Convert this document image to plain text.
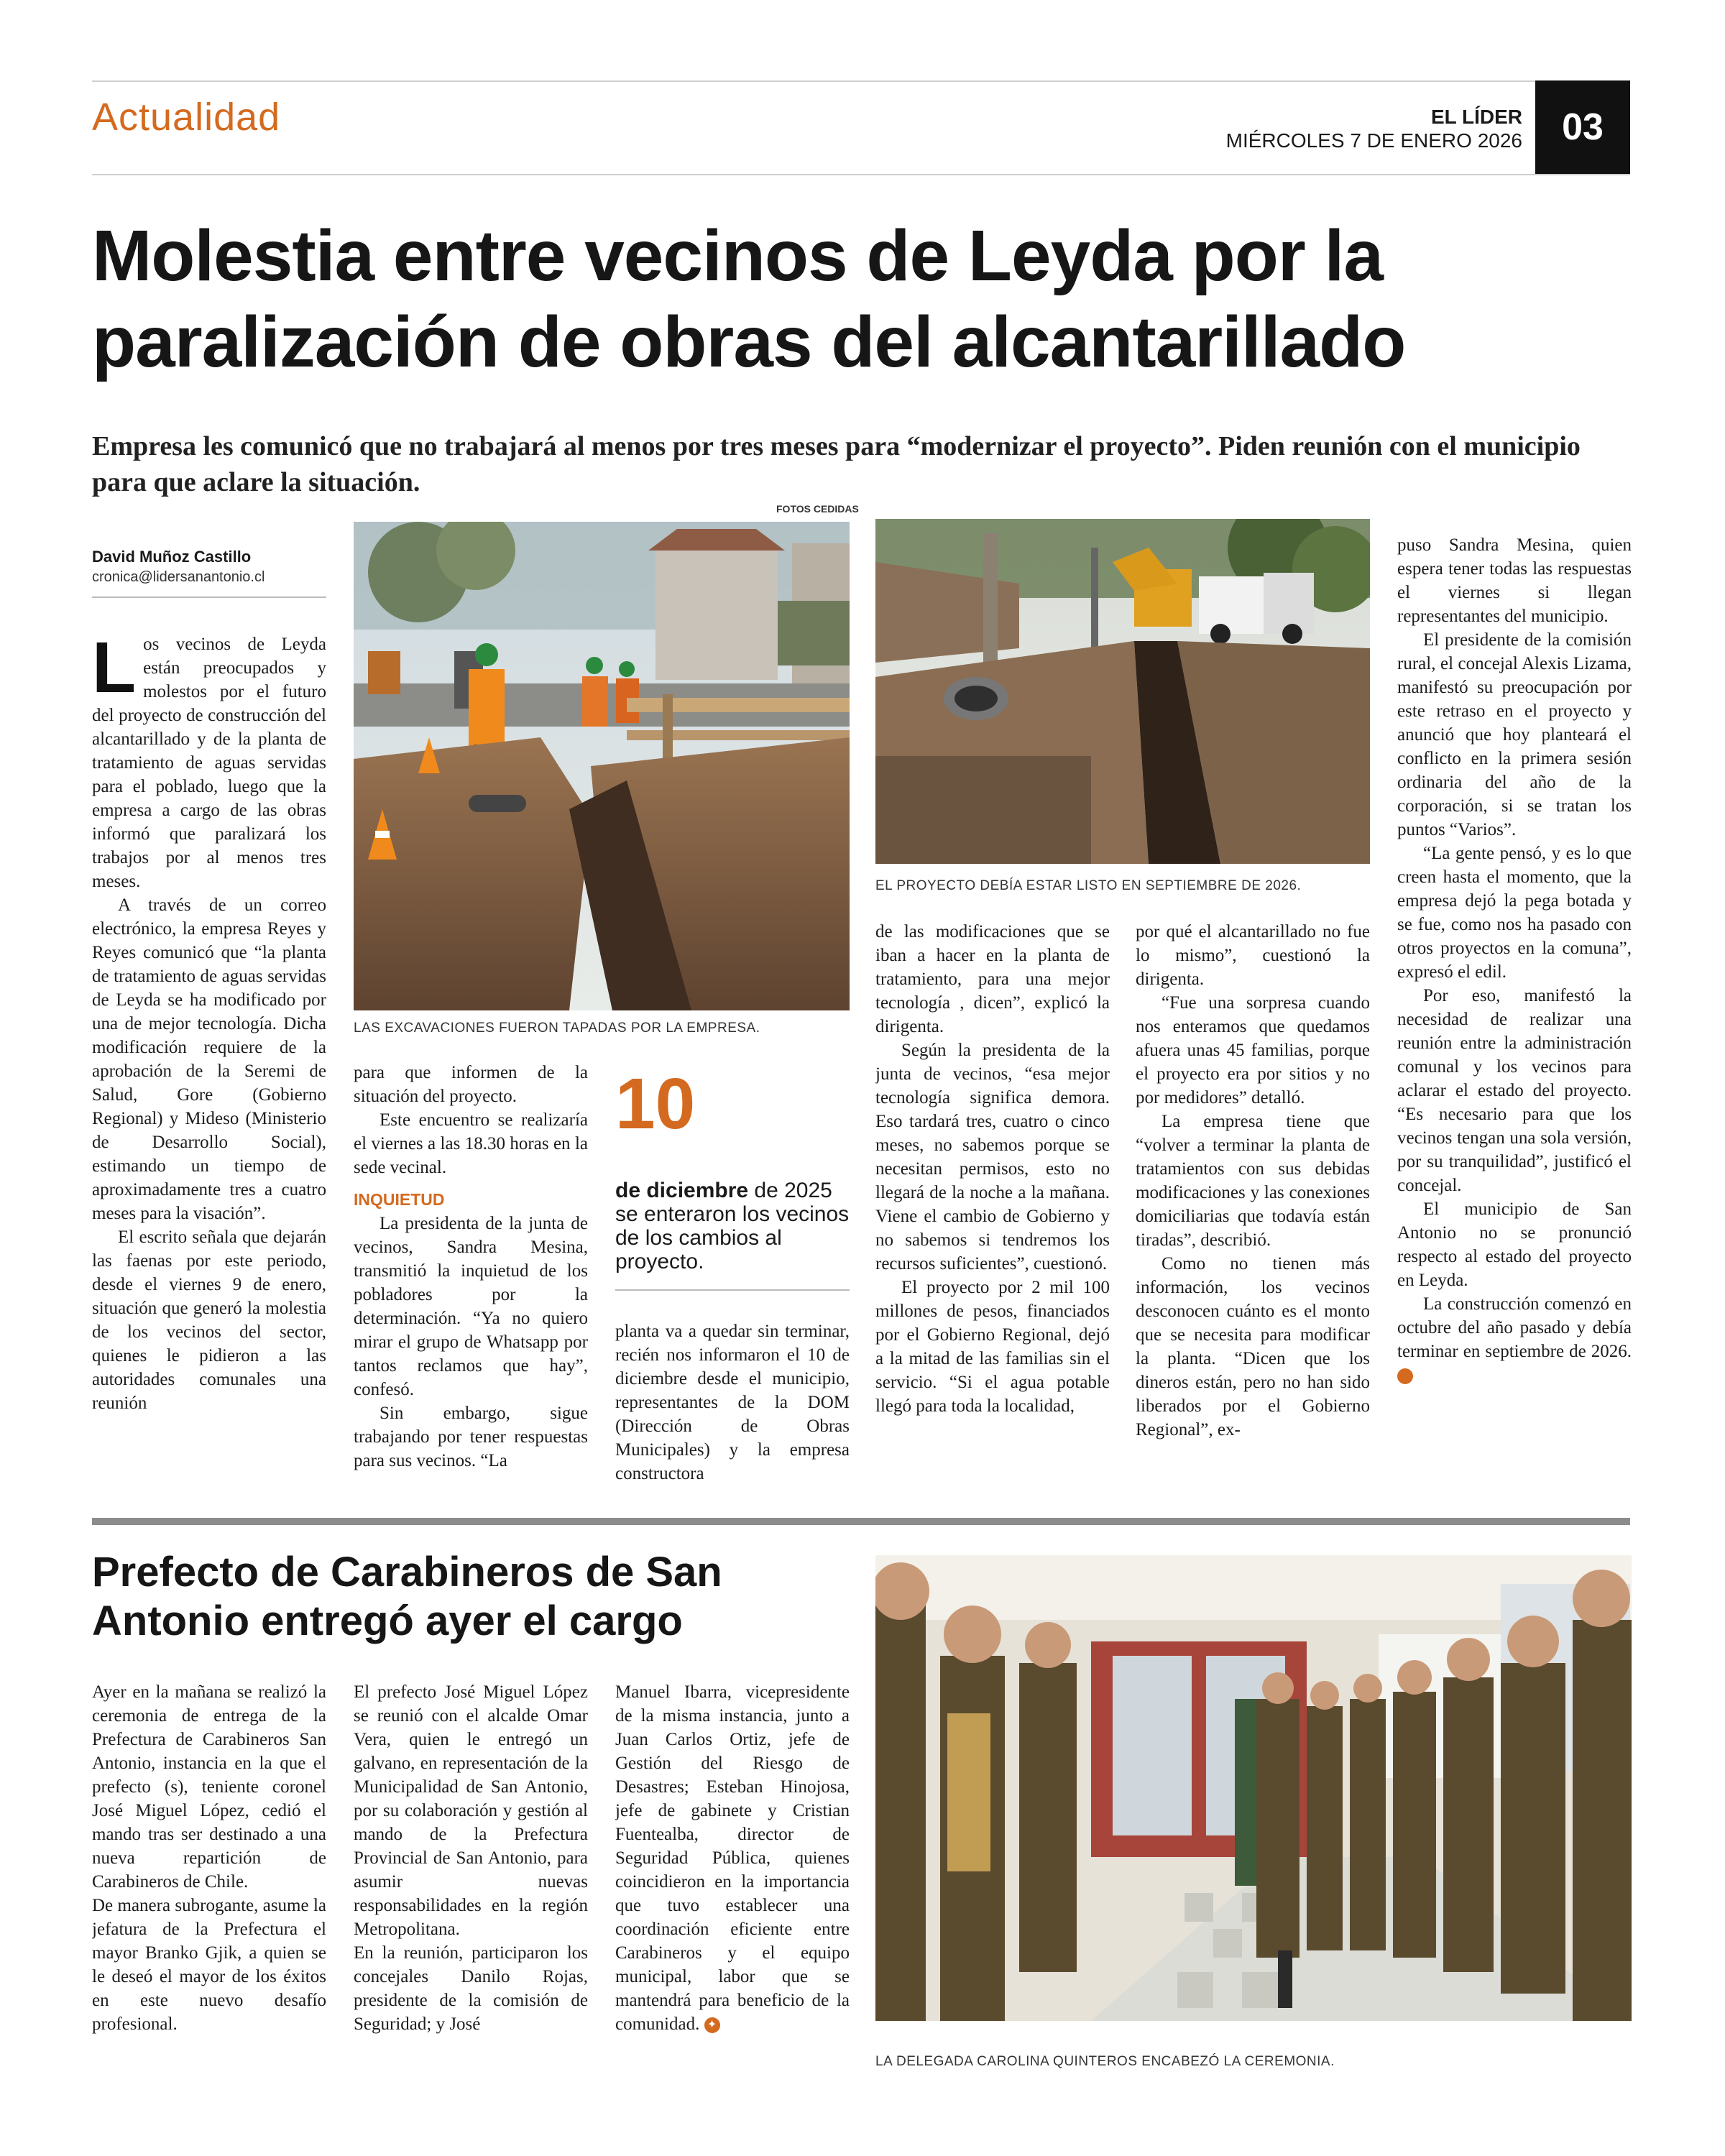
Actualidad	EL LÍDER
MIÉRCOLES 7 DE ENERO 2026	03
Molestia entre vecinos de Leyda por la paralización de obras del alcantarillado

Empresa les comunicó que no trabajará al menos por tres meses para “modernizar el proyecto”. Piden reunión con el municipio para que aclare la situación.

FOTOS CEDIDAS
David Muñoz Castillo
cronica@lidersanantonio.cl

Los vecinos de Leyda están preocupados y molestos por el futuro del proyecto de construcción del alcantarillado y de la planta de tratamiento de aguas servidas para el poblado, luego que la empresa a cargo de las obras informó que paralizará los trabajos por al menos tres meses.

A través de un correo electrónico, la empresa Reyes y Reyes comunicó que “la planta de tratamiento de aguas servidas de Leyda se ha modificado por una de mejor tecnología. Dicha modificación requiere de la aprobación de la Seremi de Salud, Gore (Gobierno Regional) y Mideso (Ministerio de Desarrollo Social), estimando un tiempo de aproximadamente tres a cuatro meses para la visación”.

El escrito señala que dejarán las faenas por este periodo, desde el viernes 9 de enero, situación que generó la molestia de los vecinos del sector, quienes le pidieron a las autoridades comunales una reunión

LAS EXCAVACIONES FUERON TAPADAS POR LA EMPRESA.

para que informen de la situación del proyecto.

Este encuentro se realizaría el viernes a las 18.30 horas en la sede vecinal.

INQUIETUD

La presidenta de la junta de vecinos, Sandra Mesina, transmitió la inquietud de los pobladores por la determinación. “Ya no quiero mirar el grupo de Whatsapp por tantos reclamos que hay”, confesó.

Sin embargo, sigue trabajando por tener respuestas para sus vecinos. “La

10
de diciembre de 2025 se enteraron los vecinos de los cambios al proyecto.

planta va a quedar sin terminar, recién nos informaron el 10 de diciembre desde el municipio, representantes de la DOM (Dirección de Obras Municipales) y la empresa constructora

EL PROYECTO DEBÍA ESTAR LISTO EN SEPTIEMBRE DE 2026.

de las modificaciones que se iban a hacer en la planta de tratamiento, para una mejor tecnología , dicen”, explicó la dirigenta.

Según la presidenta de la junta de vecinos, “esa mejor tecnología significa demora. Eso tardará tres, cuatro o cinco meses, no sabemos porque se necesitan permisos, esto no llegará de la noche a la mañana. Viene el cambio de Gobierno y no sabemos si tendremos los recursos suficientes”, cuestionó.

El proyecto por 2 mil 100 millones de pesos, financiados por el Gobierno Regional, dejó a la mitad de las familias sin el servicio. “Si el agua potable llegó para toda la localidad,

por qué el alcantarillado no fue lo mismo”, cuestionó la dirigenta.

“Fue una sorpresa cuando nos enteramos que quedamos afuera unas 45 familias, porque el proyecto era por sitios y no por medidores” detalló.

La empresa tiene que “volver a terminar la planta de tratamientos con sus debidas modificaciones y las conexiones domiciliarias que todavía están tiradas”, describió.

Como no tienen más información, los vecinos desconocen cuánto es el monto que se necesita para modificar la planta. “Dicen que los dineros están, pero no han sido liberados por el Gobierno Regional”, ex-

puso Sandra Mesina, quien espera tener todas las respuestas el viernes si llegan representantes del municipio.

El presidente de la comisión rural, el concejal Alexis Lizama, manifestó su preocupación por este retraso en el proyecto y anunció que hoy planteará el conflicto en la primera sesión ordinaria del año de la corporación, si se tratan los puntos “Varios”.

“La gente pensó, y es lo que creen hasta el momento, que la empresa dejó la pega botada y se fue, como nos ha pasado con otros proyectos en la comuna”, expresó el edil.

Por eso, manifestó la necesidad de realizar una reunión entre la administración comunal y los vecinos para aclarar el estado del proyecto. “Es necesario para que los vecinos tengan una sola versión, por su tranquilidad”, justificó el concejal.

El municipio de San Antonio no se pronunció respecto al estado del proyecto en Leyda.

La construcción comenzó en octubre del año pasado y debía terminar en septiembre de 2026. ✦

Prefecto de Carabineros de San Antonio entregó ayer el cargo

Ayer en la mañana se realizó la ceremonia de entrega de la Prefectura de Carabineros San Antonio, instancia en la que el prefecto (s), teniente coronel José Miguel López, cedió el mando tras ser destinado a una nueva repartición de Carabineros de Chile.

De manera subrogante, asume la jefatura de la Prefectura el mayor Branko Gjik, a quien se le deseó el mayor de los éxitos en este nuevo desafío profesional.

El prefecto José Miguel López se reunió con el alcalde Omar Vera, quien le entregó un galvano, en representación de la Municipalidad de San Antonio, por su colaboración y gestión al mando de la Prefectura Provincial de San Antonio, para asumir nuevas responsabilidades en la región Metropolitana.

En la reunión, participaron los concejales Danilo Rojas, presidente de la comisión de Seguridad; y José

Manuel Ibarra, vicepresidente de la misma instancia, junto a Juan Carlos Ortiz, jefe de Gestión del Riesgo de Desastres; Esteban Hinojosa, jefe de gabinete y Cristian Fuentealba, director de Seguridad Pública, quienes coincidieron en la importancia que tuvo establecer una coordinación eficiente entre Carabineros y el equipo municipal, labor que se mantendrá para beneficio de la comunidad. ✦

LA DELEGADA CAROLINA QUINTEROS ENCABEZÓ LA CEREMONIA.
